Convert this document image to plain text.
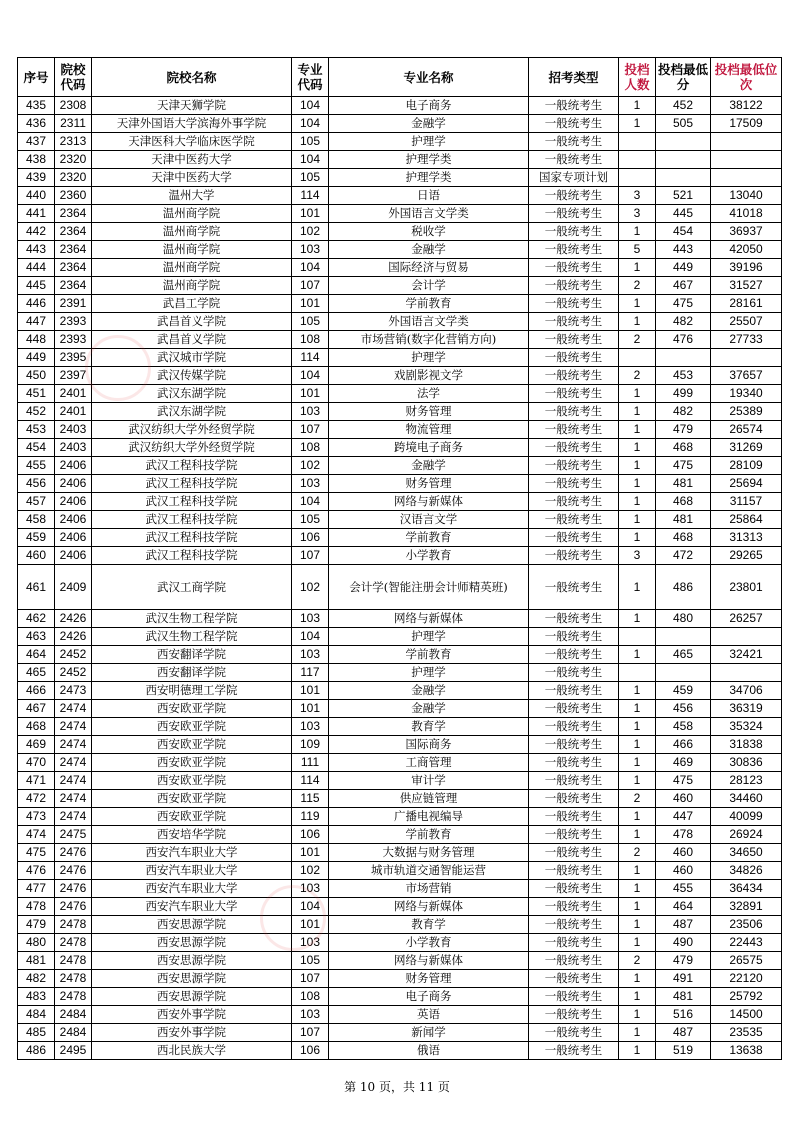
序号	院校代码	院校名称	专业代码	专业名称	招考类型	投档人数	投档最低分	投档最低位次
435	2308	天津天狮学院	104	电子商务	一般统考生	1	452	38122
436	2311	天津外国语大学滨海外事学院	104	金融学	一般统考生	1	505	17509
437	2313	天津医科大学临床医学院	105	护理学	一般统考生			
438	2320	天津中医药大学	104	护理学类	一般统考生			
439	2320	天津中医药大学	105	护理学类	国家专项计划			
440	2360	温州大学	114	日语	一般统考生	3	521	13040
441	2364	温州商学院	101	外国语言文学类	一般统考生	3	445	41018
442	2364	温州商学院	102	税收学	一般统考生	1	454	36937
443	2364	温州商学院	103	金融学	一般统考生	5	443	42050
444	2364	温州商学院	104	国际经济与贸易	一般统考生	1	449	39196
445	2364	温州商学院	107	会计学	一般统考生	2	467	31527
446	2391	武昌工学院	101	学前教育	一般统考生	1	475	28161
447	2393	武昌首义学院	105	外国语言文学类	一般统考生	1	482	25507
448	2393	武昌首义学院	108	市场营销(数字化营销方向)	一般统考生	2	476	27733
449	2395	武汉城市学院	114	护理学	一般统考生			
450	2397	武汉传媒学院	104	戏剧影视文学	一般统考生	2	453	37657
451	2401	武汉东湖学院	101	法学	一般统考生	1	499	19340
452	2401	武汉东湖学院	103	财务管理	一般统考生	1	482	25389
453	2403	武汉纺织大学外经贸学院	107	物流管理	一般统考生	1	479	26574
454	2403	武汉纺织大学外经贸学院	108	跨境电子商务	一般统考生	1	468	31269
455	2406	武汉工程科技学院	102	金融学	一般统考生	1	475	28109
456	2406	武汉工程科技学院	103	财务管理	一般统考生	1	481	25694
457	2406	武汉工程科技学院	104	网络与新媒体	一般统考生	1	468	31157
458	2406	武汉工程科技学院	105	汉语言文学	一般统考生	1	481	25864
459	2406	武汉工程科技学院	106	学前教育	一般统考生	1	468	31313
460	2406	武汉工程科技学院	107	小学教育	一般统考生	3	472	29265
461	2409	武汉工商学院	102	会计学(智能注册会计师精英班)	一般统考生	1	486	23801
462	2426	武汉生物工程学院	103	网络与新媒体	一般统考生	1	480	26257
463	2426	武汉生物工程学院	104	护理学	一般统考生			
464	2452	西安翻译学院	103	学前教育	一般统考生	1	465	32421
465	2452	西安翻译学院	117	护理学	一般统考生			
466	2473	西安明德理工学院	101	金融学	一般统考生	1	459	34706
467	2474	西安欧亚学院	101	金融学	一般统考生	1	456	36319
468	2474	西安欧亚学院	103	教育学	一般统考生	1	458	35324
469	2474	西安欧亚学院	109	国际商务	一般统考生	1	466	31838
470	2474	西安欧亚学院	111	工商管理	一般统考生	1	469	30836
471	2474	西安欧亚学院	114	审计学	一般统考生	1	475	28123
472	2474	西安欧亚学院	115	供应链管理	一般统考生	2	460	34460
473	2474	西安欧亚学院	119	广播电视编导	一般统考生	1	447	40099
474	2475	西安培华学院	106	学前教育	一般统考生	1	478	26924
475	2476	西安汽车职业大学	101	大数据与财务管理	一般统考生	2	460	34650
476	2476	西安汽车职业大学	102	城市轨道交通智能运营	一般统考生	1	460	34826
477	2476	西安汽车职业大学	103	市场营销	一般统考生	1	455	36434
478	2476	西安汽车职业大学	104	网络与新媒体	一般统考生	1	464	32891
479	2478	西安思源学院	101	教育学	一般统考生	1	487	23506
480	2478	西安思源学院	103	小学教育	一般统考生	1	490	22443
481	2478	西安思源学院	105	网络与新媒体	一般统考生	2	479	26575
482	2478	西安思源学院	107	财务管理	一般统考生	1	491	22120
483	2478	西安思源学院	108	电子商务	一般统考生	1	481	25792
484	2484	西安外事学院	103	英语	一般统考生	1	516	14500
485	2484	西安外事学院	107	新闻学	一般统考生	1	487	23535
486	2495	西北民族大学	106	俄语	一般统考生	1	519	13638
第 10 页，共 11 页
